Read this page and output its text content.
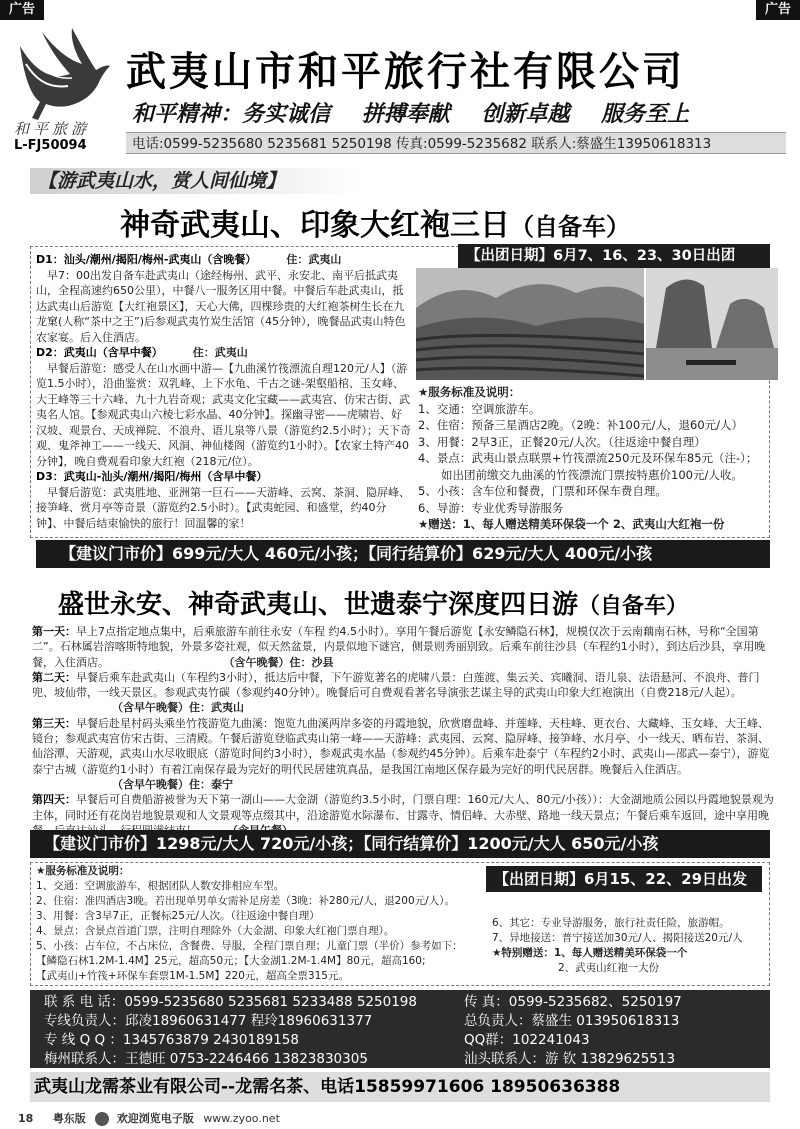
广告	广告
和平旅游
L-FJ50094
武夷山市和平旅行社有限公司
和平精神：务实诚信 拼搏奉献 创新卓越 服务至上
电话:0599-5235680 5235681 5250198 传真:0599-5235682 联系人:蔡盛生13950618313
【游武夷山水，赏人间仙境】
神奇武夷山、印象大红袍三日（自备车）

D1：汕头/潮州/揭阳/梅州-武夷山（含晚餐）	住：武夷山

早7：00出发自备车赴武夷山（途经梅州、武平、永安北、南平后抵武夷山，全程高速约650公里），中餐八一服务区用中餐。中餐后车赴武夷山，抵达武夷山后游览【大红袍景区】，天心大佛，四棵珍贵的大红袍茶树生长在九龙窠(人称“茶中之王”)后参观武夷竹炭生活馆（45分钟），晚餐品武夷山特色农家宴。后入住酒店。

D2：武夷山（含早中餐）	住：武夷山

早餐后游览：感受人在山水画中游—【九曲溪竹筏漂流自理120元/人】（游览1.5小时），沿曲鉴赏：双乳峰、上下水龟、千古之谜-架壑船棺、玉女峰、大王峰等三十六峰、九十九岩奇观；武夷文化宝藏——武夷宫、仿宋古街、武夷名人馆。【参观武夷山六棱七彩水晶、40分钟】。探幽寻密——虎啸岩、好汉坡、观景台、天成禅院、不浪舟、语儿泉等八景（游览约2.5小时）；天下奇观、鬼斧神工——一线天、风洞、神仙楼阁（游览约1小时）。【农家土特产40分钟】，晚自费观看印象大红袍（218元/位）。

D3：武夷山-汕头/潮州/揭阳/梅州（含早中餐）

早餐后游览：武夷胜地、亚洲第一巨石——天游峰、云窝、茶洞、隐屏峰、接笋峰、赏月亭等奇景（游览约2.5小时）。【武夷蛇园、和盛堂，约40分钟】、中餐后结束愉快的旅行！回温馨的家！

【出团日期】6月7、16、23、30日出团
★服务标准及说明：
1、交通：空调旅游车。
2、住宿：预备三星酒店2晚。（2晚：补100元/人，退60元/人）
3、用餐：2早3正，正餐20元/人次。（往返途中餐自理）
4、景点：武夷山景点联票+竹筏漂流250元及环保车85元（注-）；
　　如出团前缴交九曲溪的竹筏漂流门票按特惠价100元/人收。
5、小孩：含车位和餐费，门票和环保车费自理。
6、导游：专业优秀导游服务
★赠送：1、每人赠送精美环保袋一个 2、武夷山大红袍一份
【建议门市价】699元/大人 460元/小孩；【同行结算价】629元/大人 400元/小孩
盛世永安、神奇武夷山、世遗泰宁深度四日游（自备车）

第一天：早上7点指定地点集中，后乘旅游车前往永安（车程 约4.5小时）。享用午餐后游览【永安鳞隐石林】，规模仅次于云南藕南石林，号称“全国第二”。石林属岩溶喀斯特地貌，外景多姿社观，似天然盆景，内景似地下谜宫，侧景则秀丽别致。后乘车前往沙县（车程约1小时），到达后沙县，享用晚餐，入住酒店。	（含午晚餐）住：沙县

第二天：早餐后乘车赴武夷山（车程约3小时），抵达后中餐，下午游览著名的虎啸八景：白莲渡、集云关、宾曦洞、语儿泉、法语悬河、不浪舟、普门兜、坡仙带，一线天景区。参观武夷竹碳（参观约40分钟）。晚餐后可自费观看著名导演张艺谋主导的武夷山印象大红袍演出（自费218元/人起）。（含早午晚餐）住：武夷山

第三天：早餐后赴星村码头乘坐竹筏游览九曲溪：饱览九曲溪两岸多姿的丹霞地貌，欣赏磨盘峰、并莲峰、天柱峰、更衣台、大藏峰、玉女峰、大王峰、镜台；参观武夷宫仿宋古街、三清殿。午餐后游览登临武夷山第一峰——天游峰：武夷园、云窝、隐屏峰、接笋峰、水月亭、小一线天、晒布岩、茶洞、仙浴潭、天游观，武夷山水尽收眼底（游览时间约3小时），参观武夷水晶（参观约45分钟）。后乘车赴泰宁（车程约2小时、武夷山—邵武—泰宁），游览泰宁古城（游览约1小时）有着江南保存最为完好的明代民居建筑真品，是我国江南地区保存最为完好的明代民居群。晚餐后入住酒店。（含早午晚餐）住：泰宁

第四天：早餐后可自费船游被誉为天下第一湖山——大金湖（游览约3.5小时，门票自理：160元/大人、80元/小孩））：大金湖地质公园以丹霞地貌景观为主体，同时还有花岗岩地貌景观和人文景观等点缀其中，沿途游览水际瀑布、甘露寺、情侣峰、大赤壁、路地一线天景点；午餐后乘车返回，途中享用晚

【建议门市价】1298元/大人 720元/小孩；【同行结算价】1200元/大人 650元/小孩
★服务标准及说明：
1、交通：空调旅游车，根据团队人数安排相应车型。
2、住宿：准四酒店3晚。若出现单男单女需补足房差（3晚：补280元/人，退200元/人）。
3、用餐：含3早7正，正餐标25元/人次。（往返途中餐自理）
4、景点：含景点首道门票，注明自理除外（大金湖、印象大红袍门票自理）。
5、小孩：占车位，不占床位，含餐费、导服，全程门票自理；儿童门票（半价）参考如下：
【鳞隐石林1.2M-1.4M】25元，超高50元；【大金湖1.2M-1.4M】80元，超高160;
【武夷山+竹筏+环保车套票1M-1.5M】220元，超高全票315元。
【出团日期】6月15、22、29日出发
6、其它：专业导游服务，旅行社责任险，旅游帽。
7、异地接送：普宁接送加30元/人、揭阳接送20元/人
★特别赠送：1、每人赠送精美环保袋一个
2、武夷山红袍一大份
联 系 电 话：0599-5235680 5235681 5233488 5250198	传 真：0599-5235682、5250197
专线负责人：邱凌18960631477 程玲18960631377	总负责人：蔡盛生 013950618313
专 线 Q Q ：1345763879 2430189158	QQ群：102241043
梅州联系人：王德旺 0753-2246466 13823830305	汕头联系人：游 钦 13829625513
武夷山龙需茶业有限公司--龙需名茶、电话15859971606 18950636388
18 粤东版	欢迎浏览电子版 www.zyoo.net
